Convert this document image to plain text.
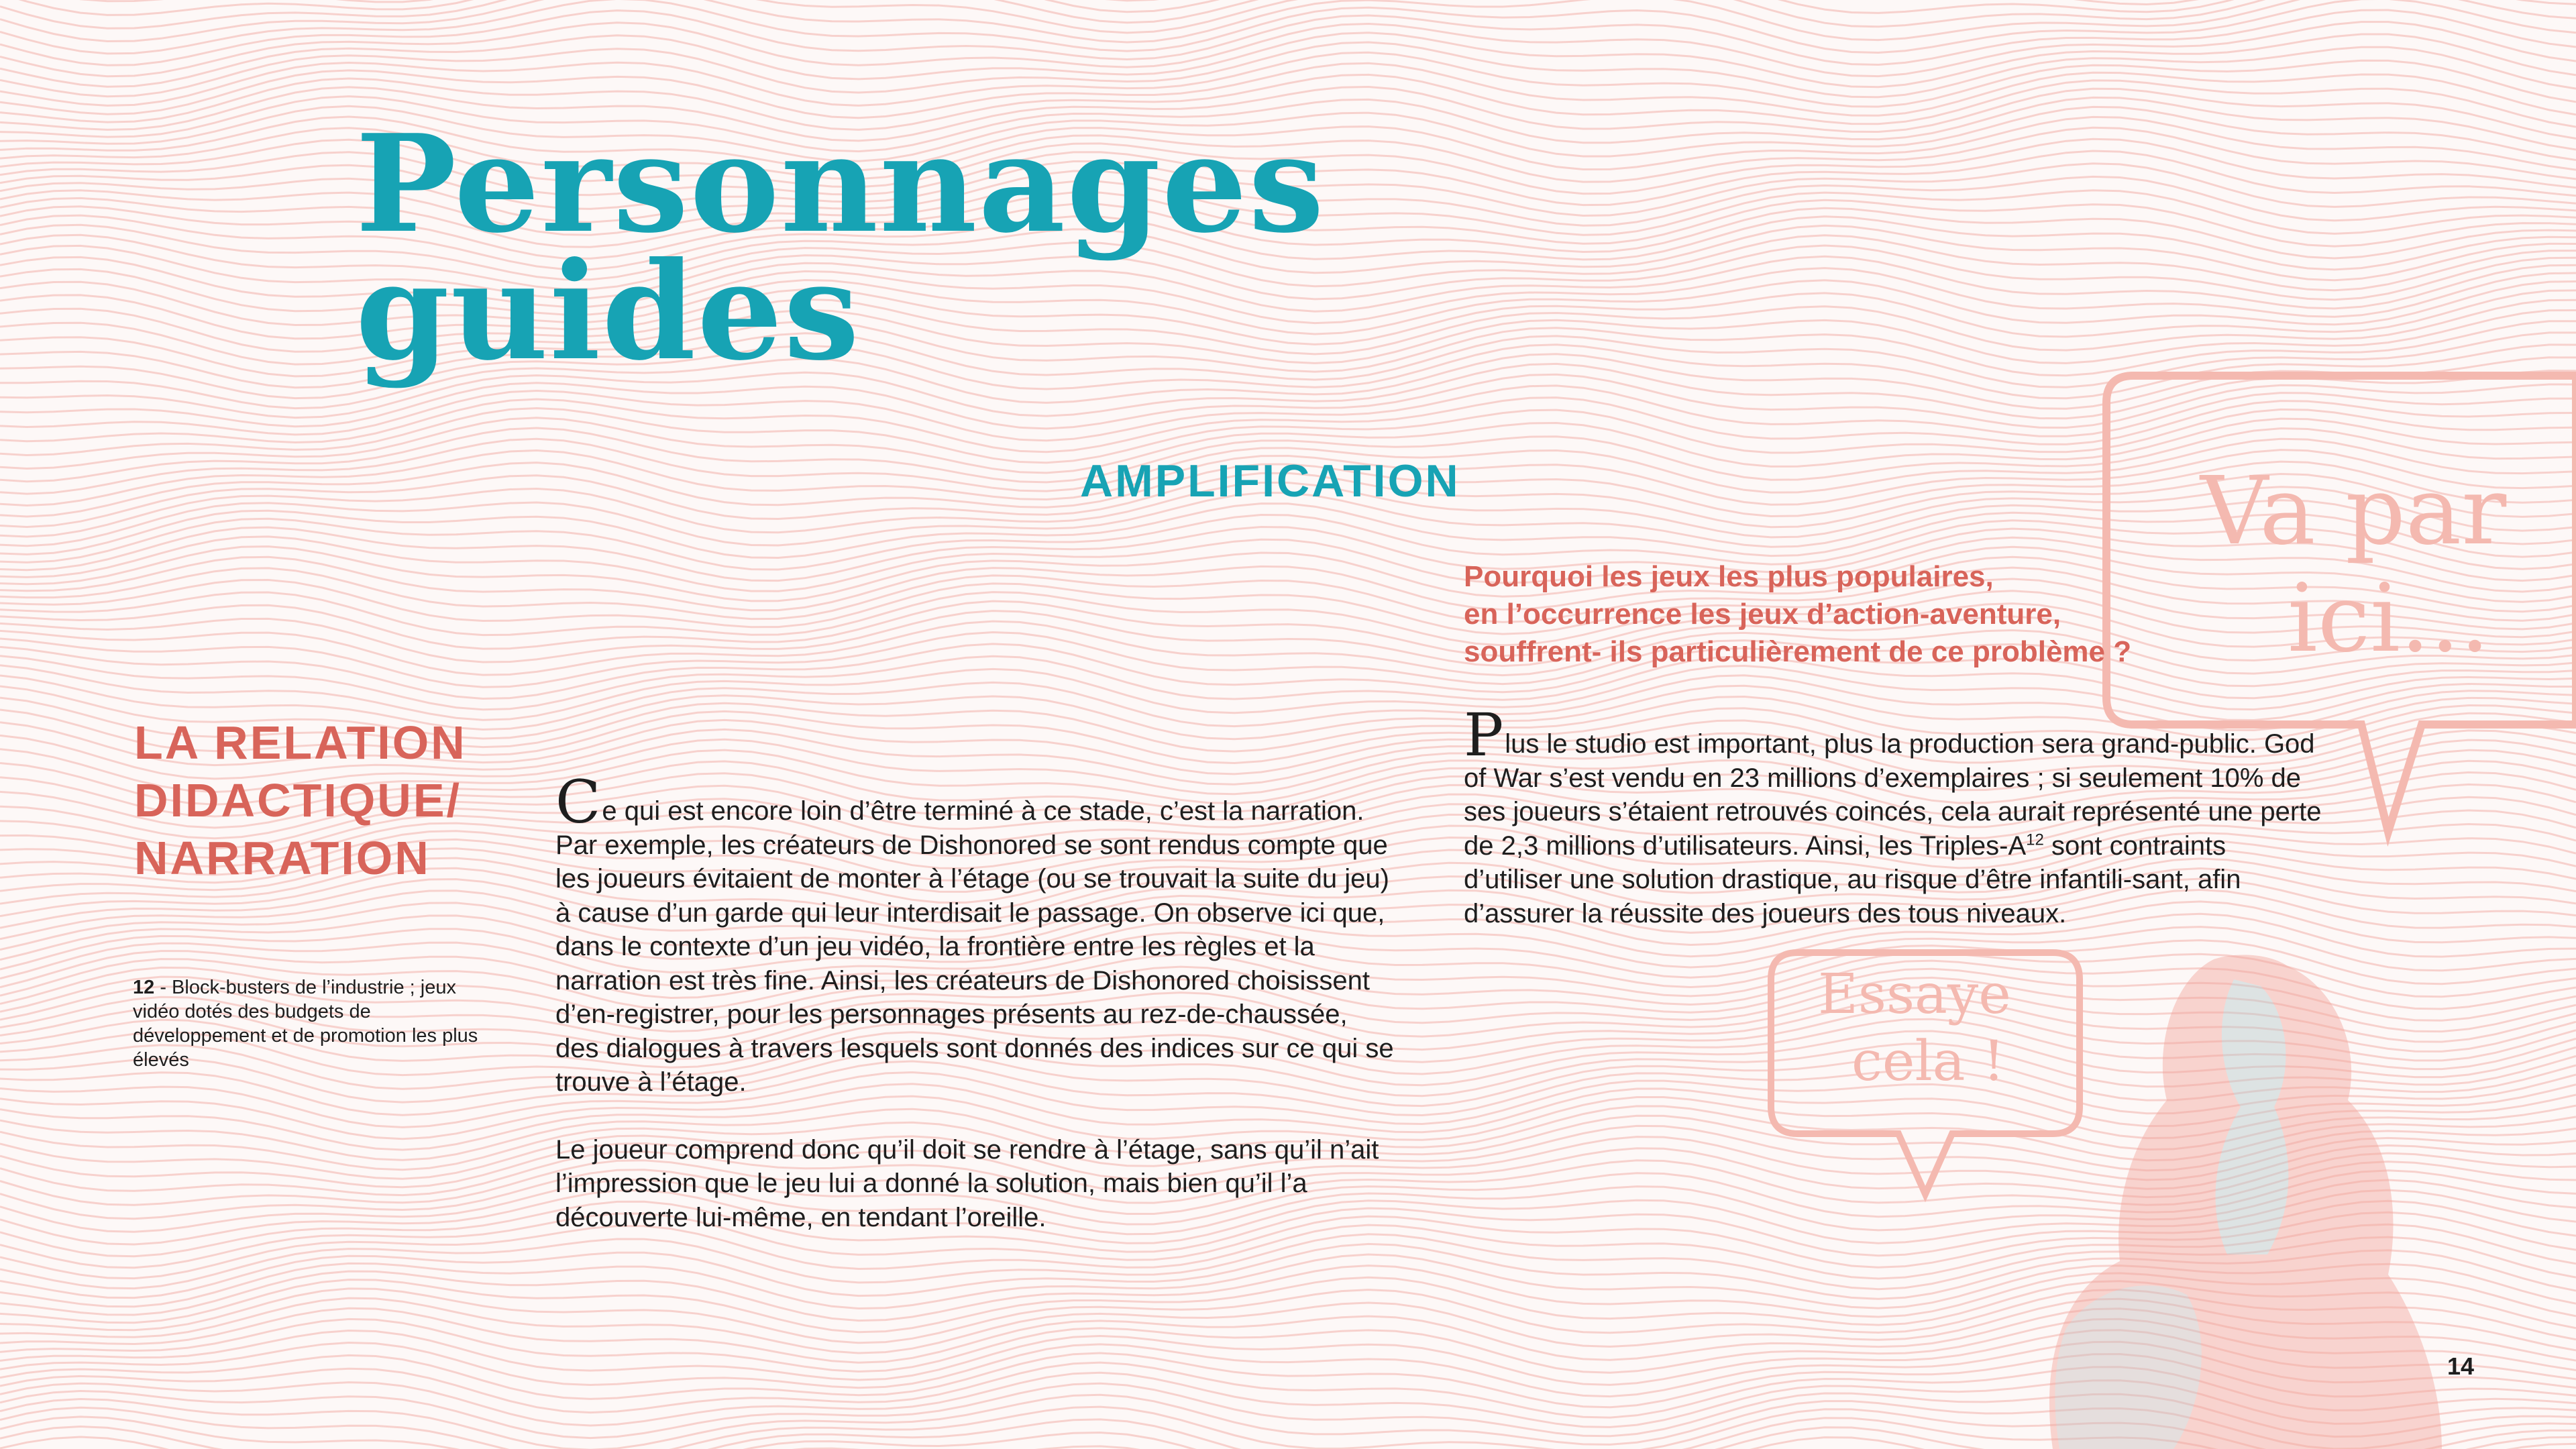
Va par
ici...
Essaye
cela !
Personnages
guides
AMPLIFICATION
LA RELATION
DIDACTIQUE/
NARRATION

12 - Block-busters de l’industrie ; jeux vidéo dotés des budgets de développement et de promotion les plus élevés

Ce qui est encore loin d’être terminé à ce stade, c’est la narration. Par exemple, les créateurs de Dishonored se sont rendus compte que les joueurs évitaient de monter à l’étage (ou se trouvait la suite du jeu) à cause d’un garde qui leur interdisait le passage. On observe ici que, dans le contexte d’un jeu vidéo, la frontière entre les règles et la narration est très fine. Ainsi, les créateurs de Dishonored choisissent d’en-registrer, pour les personnages présents au rez-de-chaussée, des dialogues à travers lesquels sont donnés des indices sur ce qui se trouve à l’étage.

Le joueur comprend donc qu’il doit se rendre à l’étage, sans qu’il n’ait l’impression que le jeu lui a donné la solution, mais bien qu’il l’a découverte lui-même, en tendant l’oreille.

Pourquoi les jeux les plus populaires,
en l’occurrence les jeux d’action-aventure,
souffrent- ils particulièrement de ce problème ?

Plus le studio est important, plus la production sera grand-public. God of War s’est vendu en 23 millions d’exemplaires ; si seulement 10% de ses joueurs s’étaient retrouvés coincés, cela aurait représenté une perte de 2,3 millions d’utilisateurs. Ainsi, les Triples-$A^{12}$ sont contraints d’utiliser une solution drastique, au risque d’être infantili-sant, afin d’assurer la réussite des joueurs des tous niveaux.

14
